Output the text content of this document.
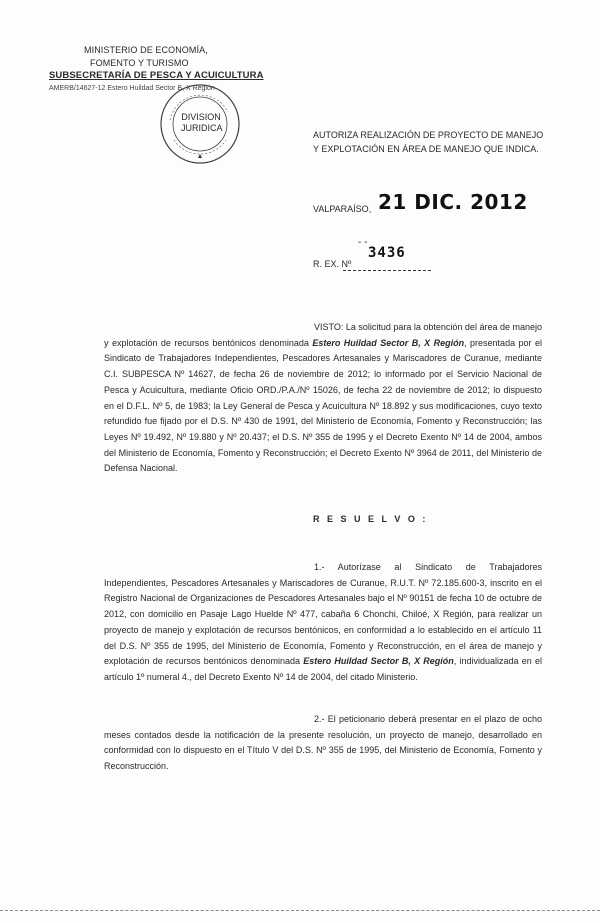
MINISTERIO DE ECONOMÍA,
FOMENTO Y TURISMO
SUBSECRETARÍA DE PESCA Y ACUICULTURA
AMERB/14627-12 Estero Huildad Sector B, X Región
DIVISION
JURIDICA
AUTORIZA REALIZACIÓN DE PROYECTO DE MANEJO
Y EXPLOTACIÓN EN ÁREA DE MANEJO QUE INDICA.
VALPARAÍSO, 21 DIC. 2012
- -
R. EX. Nº
3436
VISTO: La solicitud para la obtención del área de manejo y explotación de recursos bentónicos denominada Estero Huildad Sector B, X Región, presentada por el Sindicato de Trabajadores Independientes, Pescadores Artesanales y Mariscadores de Curanue, mediante C.I. SUBPESCA Nº 14627, de fecha 26 de noviembre de 2012; lo informado por el Servicio Nacional de Pesca y Acuicultura, mediante Oficio ORD./P.A./Nº 15026, de fecha 22 de noviembre de 2012; lo dispuesto en el D.F.L. Nº 5, de 1983; la Ley General de Pesca y Acuicultura Nº 18.892 y sus modificaciones, cuyo texto refundido fue fijado por el D.S. Nº 430 de 1991, del Ministerio de Economía, Fomento y Reconstrucción; las Leyes Nº 19.492, Nº 19.880 y Nº 20.437; el D.S. Nº 355 de 1995 y el Decreto Exento Nº 14 de 2004, ambos del Ministerio de Economía, Fomento y Reconstrucción; el Decreto Exento Nº 3964 de 2011, del Ministerio de Defensa Nacional.
R E S U E L V O :
1.- Autorízase al Sindicato de Trabajadores Independientes, Pescadores Artesanales y Mariscadores de Curanue, R.U.T. Nº 72.185.600-3, inscrito en el Registro Nacional de Organizaciones de Pescadores Artesanales bajo el Nº 90151 de fecha 10 de octubre de 2012, con domicilio en Pasaje Lago Huelde Nº 477, cabaña 6 Chonchi, Chiloé, X Región, para realizar un proyecto de manejo y explotación de recursos bentónicos, en conformidad a lo establecido en el artículo 11 del D.S. Nº 355 de 1995, del Ministerio de Economía, Fomento y Reconstrucción, en el área de manejo y explotación de recursos bentónicos denominada Estero Huildad Sector B, X Región, individualizada en el artículo 1º numeral 4., del Decreto Exento Nº 14 de 2004, del citado Ministerio.
2.- El peticionario deberá presentar en el plazo de ocho meses contados desde la notificación de la presente resolución, un proyecto de manejo, desarrollado en conformidad con lo dispuesto en el Título V del D.S. Nº 355 de 1995, del Ministerio de Economía, Fomento y Reconstrucción.
